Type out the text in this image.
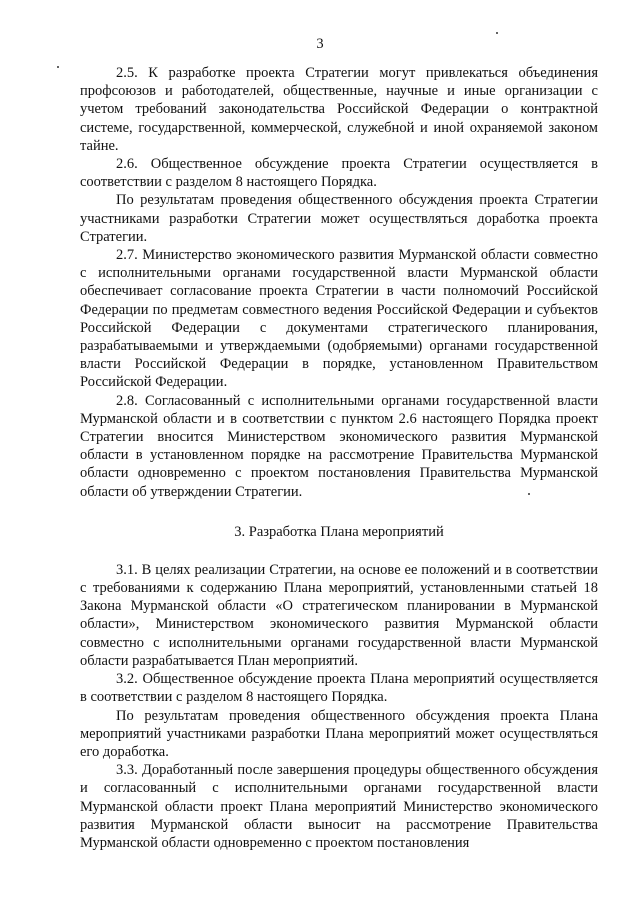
3

2.5. К разработке проекта Стратегии могут привлекаться объединения профсоюзов и работодателей, общественные, научные и иные организации с учетом требований законодательства Российской Федерации о контрактной системе, государственной, коммерческой, служебной и иной охраняемой законом тайне.

2.6. Общественное обсуждение проекта Стратегии осуществляется в соответствии с разделом 8 настоящего Порядка.

По результатам проведения общественного обсуждения проекта Стратегии участниками разработки Стратегии может осуществляться доработка проекта Стратегии.

2.7. Министерство экономического развития Мурманской области совместно с исполнительными органами государственной власти Мурманской области обеспечивает согласование проекта Стратегии в части полномочий Российской Федерации по предметам совместного ведения Российской Федерации и субъектов Российской Федерации с документами стратегического планирования, разрабатываемыми и утверждаемыми (одобряемыми) органами государственной власти Российской Федерации в порядке, установленном Правительством Российской Федерации.

2.8. Согласованный с исполнительными органами государственной власти Мурманской области и в соответствии с пунктом 2.6 настоящего Порядка проект Стратегии вносится Министерством экономического развития Мурманской области в установленном порядке на рассмотрение Правительства Мурманской области одновременно с проектом постановления Правительства Мурманской области об утверждении Стратегии.

3. Разработка Плана мероприятий

3.1. В целях реализации Стратегии, на основе ее положений и в соответствии с требованиями к содержанию Плана мероприятий, установленными статьей 18 Закона Мурманской области «О стратегическом планировании в Мурманской области», Министерством экономического развития Мурманской области совместно с исполнительными органами государственной власти Мурманской области разрабатывается План мероприятий.

3.2. Общественное обсуждение проекта Плана мероприятий осуществляется в соответствии с разделом 8 настоящего Порядка.

По результатам проведения общественного обсуждения проекта Плана мероприятий участниками разработки Плана мероприятий может осуществляться его доработка.

3.3. Доработанный после завершения процедуры общественного обсуждения и согласованный с исполнительными органами государственной власти Мурманской области проект Плана мероприятий Министерство экономического развития Мурманской области выносит на рассмотрение Правительства Мурманской области одновременно с проектом постановления
